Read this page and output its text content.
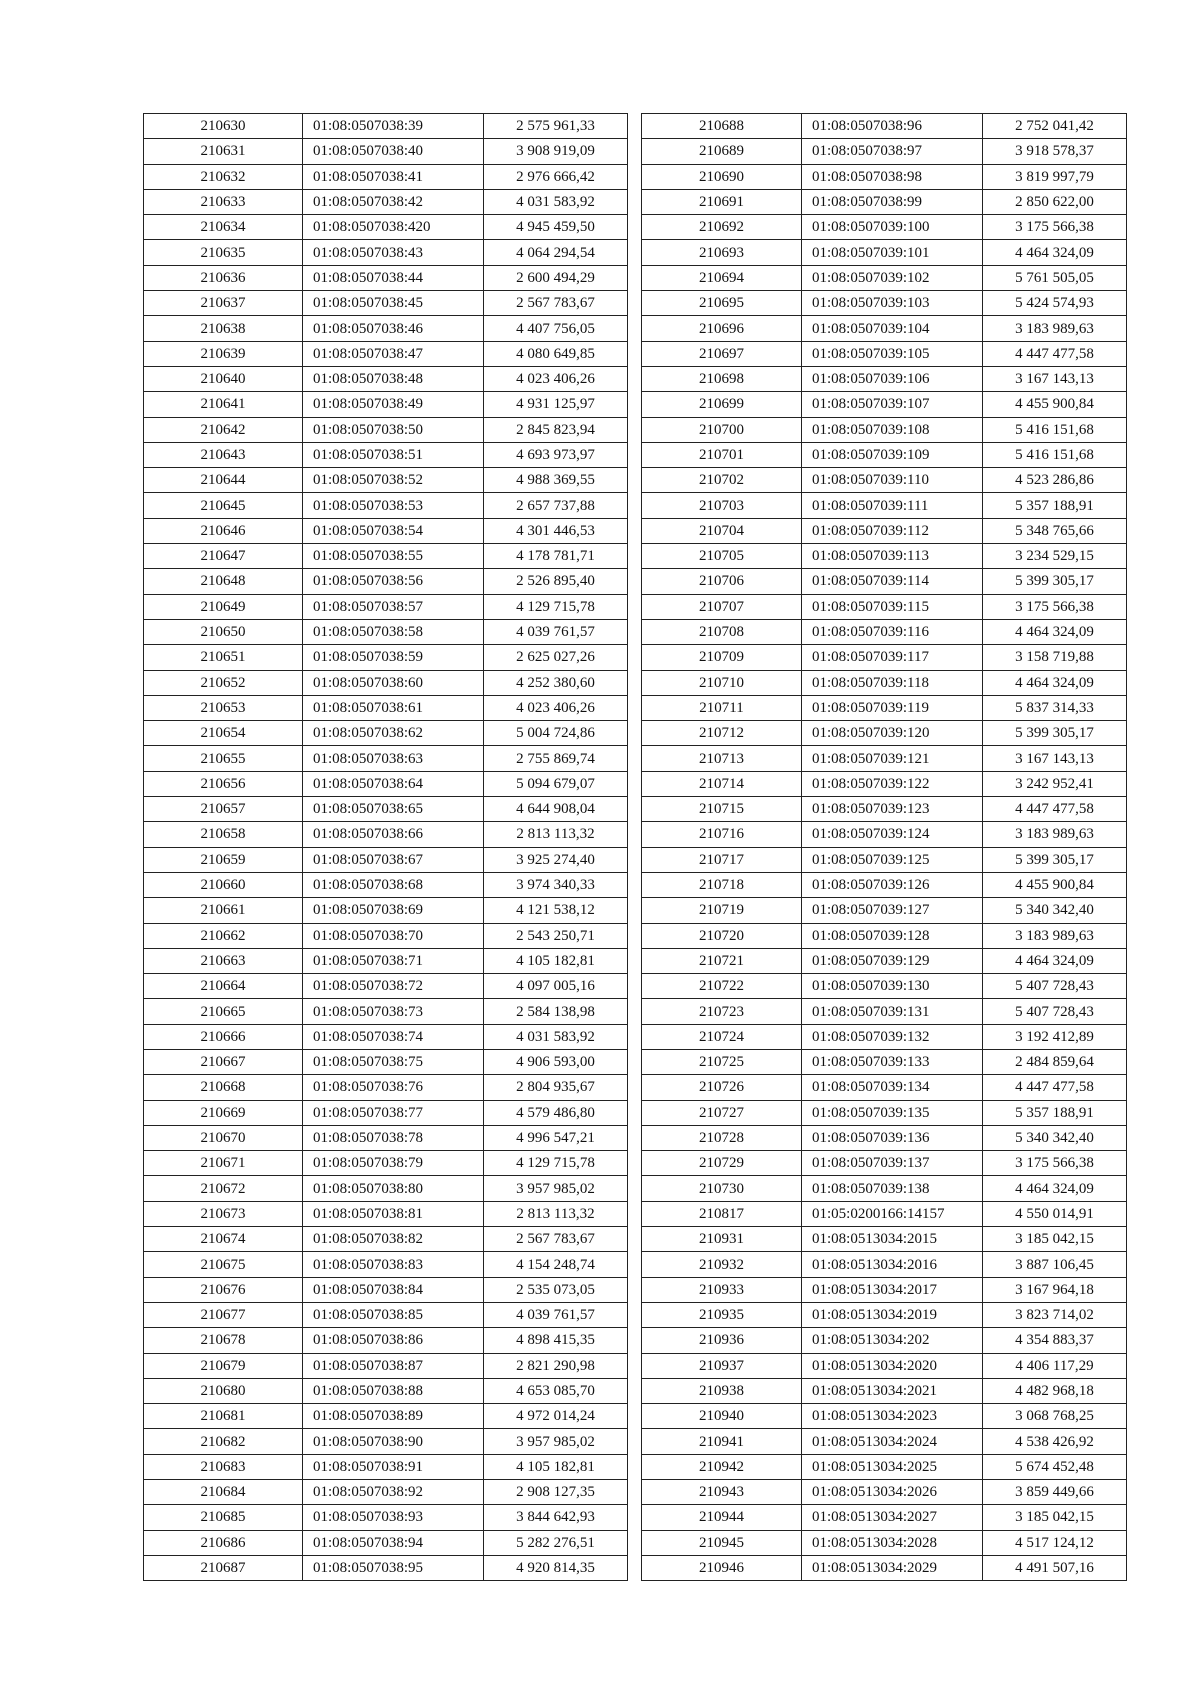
210630	01:08:0507038:39	2 575 961,33
210631	01:08:0507038:40	3 908 919,09
210632	01:08:0507038:41	2 976 666,42
210633	01:08:0507038:42	4 031 583,92
210634	01:08:0507038:420	4 945 459,50
210635	01:08:0507038:43	4 064 294,54
210636	01:08:0507038:44	2 600 494,29
210637	01:08:0507038:45	2 567 783,67
210638	01:08:0507038:46	4 407 756,05
210639	01:08:0507038:47	4 080 649,85
210640	01:08:0507038:48	4 023 406,26
210641	01:08:0507038:49	4 931 125,97
210642	01:08:0507038:50	2 845 823,94
210643	01:08:0507038:51	4 693 973,97
210644	01:08:0507038:52	4 988 369,55
210645	01:08:0507038:53	2 657 737,88
210646	01:08:0507038:54	4 301 446,53
210647	01:08:0507038:55	4 178 781,71
210648	01:08:0507038:56	2 526 895,40
210649	01:08:0507038:57	4 129 715,78
210650	01:08:0507038:58	4 039 761,57
210651	01:08:0507038:59	2 625 027,26
210652	01:08:0507038:60	4 252 380,60
210653	01:08:0507038:61	4 023 406,26
210654	01:08:0507038:62	5 004 724,86
210655	01:08:0507038:63	2 755 869,74
210656	01:08:0507038:64	5 094 679,07
210657	01:08:0507038:65	4 644 908,04
210658	01:08:0507038:66	2 813 113,32
210659	01:08:0507038:67	3 925 274,40
210660	01:08:0507038:68	3 974 340,33
210661	01:08:0507038:69	4 121 538,12
210662	01:08:0507038:70	2 543 250,71
210663	01:08:0507038:71	4 105 182,81
210664	01:08:0507038:72	4 097 005,16
210665	01:08:0507038:73	2 584 138,98
210666	01:08:0507038:74	4 031 583,92
210667	01:08:0507038:75	4 906 593,00
210668	01:08:0507038:76	2 804 935,67
210669	01:08:0507038:77	4 579 486,80
210670	01:08:0507038:78	4 996 547,21
210671	01:08:0507038:79	4 129 715,78
210672	01:08:0507038:80	3 957 985,02
210673	01:08:0507038:81	2 813 113,32
210674	01:08:0507038:82	2 567 783,67
210675	01:08:0507038:83	4 154 248,74
210676	01:08:0507038:84	2 535 073,05
210677	01:08:0507038:85	4 039 761,57
210678	01:08:0507038:86	4 898 415,35
210679	01:08:0507038:87	2 821 290,98
210680	01:08:0507038:88	4 653 085,70
210681	01:08:0507038:89	4 972 014,24
210682	01:08:0507038:90	3 957 985,02
210683	01:08:0507038:91	4 105 182,81
210684	01:08:0507038:92	2 908 127,35
210685	01:08:0507038:93	3 844 642,93
210686	01:08:0507038:94	5 282 276,51
210687	01:08:0507038:95	4 920 814,35
210688	01:08:0507038:96	2 752 041,42
210689	01:08:0507038:97	3 918 578,37
210690	01:08:0507038:98	3 819 997,79
210691	01:08:0507038:99	2 850 622,00
210692	01:08:0507039:100	3 175 566,38
210693	01:08:0507039:101	4 464 324,09
210694	01:08:0507039:102	5 761 505,05
210695	01:08:0507039:103	5 424 574,93
210696	01:08:0507039:104	3 183 989,63
210697	01:08:0507039:105	4 447 477,58
210698	01:08:0507039:106	3 167 143,13
210699	01:08:0507039:107	4 455 900,84
210700	01:08:0507039:108	5 416 151,68
210701	01:08:0507039:109	5 416 151,68
210702	01:08:0507039:110	4 523 286,86
210703	01:08:0507039:111	5 357 188,91
210704	01:08:0507039:112	5 348 765,66
210705	01:08:0507039:113	3 234 529,15
210706	01:08:0507039:114	5 399 305,17
210707	01:08:0507039:115	3 175 566,38
210708	01:08:0507039:116	4 464 324,09
210709	01:08:0507039:117	3 158 719,88
210710	01:08:0507039:118	4 464 324,09
210711	01:08:0507039:119	5 837 314,33
210712	01:08:0507039:120	5 399 305,17
210713	01:08:0507039:121	3 167 143,13
210714	01:08:0507039:122	3 242 952,41
210715	01:08:0507039:123	4 447 477,58
210716	01:08:0507039:124	3 183 989,63
210717	01:08:0507039:125	5 399 305,17
210718	01:08:0507039:126	4 455 900,84
210719	01:08:0507039:127	5 340 342,40
210720	01:08:0507039:128	3 183 989,63
210721	01:08:0507039:129	4 464 324,09
210722	01:08:0507039:130	5 407 728,43
210723	01:08:0507039:131	5 407 728,43
210724	01:08:0507039:132	3 192 412,89
210725	01:08:0507039:133	2 484 859,64
210726	01:08:0507039:134	4 447 477,58
210727	01:08:0507039:135	5 357 188,91
210728	01:08:0507039:136	5 340 342,40
210729	01:08:0507039:137	3 175 566,38
210730	01:08:0507039:138	4 464 324,09
210817	01:05:0200166:14157	4 550 014,91
210931	01:08:0513034:2015	3 185 042,15
210932	01:08:0513034:2016	3 887 106,45
210933	01:08:0513034:2017	3 167 964,18
210935	01:08:0513034:2019	3 823 714,02
210936	01:08:0513034:202	4 354 883,37
210937	01:08:0513034:2020	4 406 117,29
210938	01:08:0513034:2021	4 482 968,18
210940	01:08:0513034:2023	3 068 768,25
210941	01:08:0513034:2024	4 538 426,92
210942	01:08:0513034:2025	5 674 452,48
210943	01:08:0513034:2026	3 859 449,66
210944	01:08:0513034:2027	3 185 042,15
210945	01:08:0513034:2028	4 517 124,12
210946	01:08:0513034:2029	4 491 507,16
